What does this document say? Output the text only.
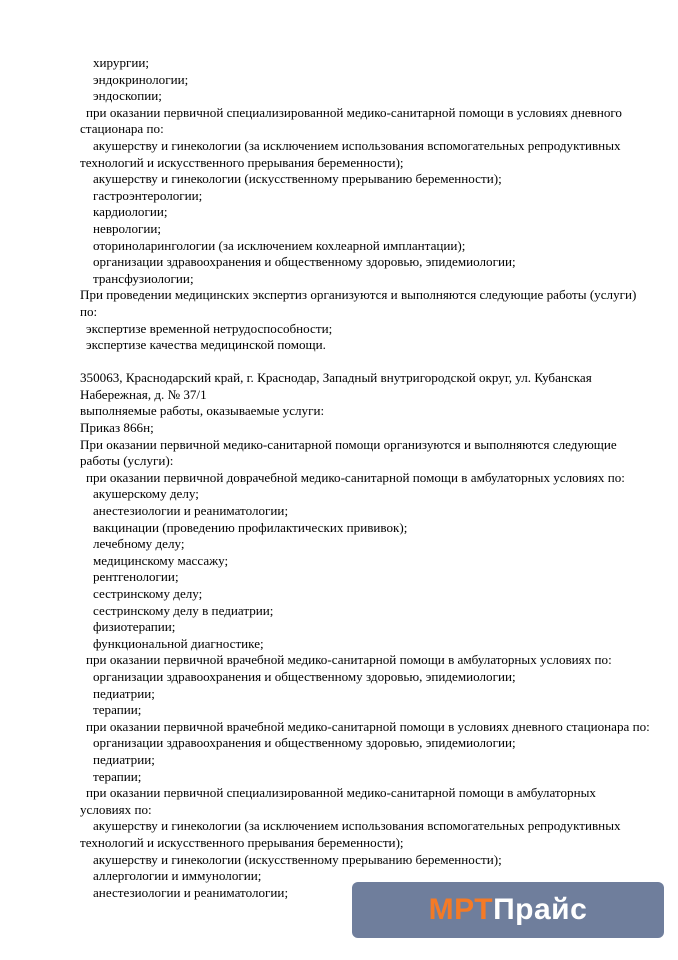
хирургии;

эндокринологии;

эндоскопии;

при оказании первичной специализированной медико-санитарной помощи в условиях дневного стационара по:

акушерству и гинекологии (за исключением использования вспомогательных репродуктивных технологий и искусственного прерывания беременности);

акушерству и гинекологии (искусственному прерыванию беременности);

гастроэнтерологии;

кардиологии;

неврологии;

оториноларингологии (за исключением кохлеарной имплантации);

организации здравоохранения и общественному здоровью, эпидемиологии;

трансфузиологии;

При проведении медицинских экспертиз организуются и выполняются следующие работы (услуги) по:

экспертизе временной нетрудоспособности;

экспертизе качества медицинской помощи.

350063, Краснодарский край, г. Краснодар, Западный внутригородской округ, ул. Кубанская Набережная, д. № 37/1

выполняемые работы, оказываемые услуги:

Приказ 866н;

При оказании первичной медико-санитарной помощи организуются и выполняются следующие работы (услуги):

при оказании первичной доврачебной медико-санитарной помощи в амбулаторных условиях по:

акушерскому делу;

анестезиологии и реаниматологии;

вакцинации (проведению профилактических прививок);

лечебному делу;

медицинскому массажу;

рентгенологии;

сестринскому делу;

сестринскому делу в педиатрии;

физиотерапии;

функциональной диагностике;

при оказании первичной врачебной медико-санитарной помощи в амбулаторных условиях по:

организации здравоохранения и общественному здоровью, эпидемиологии;

педиатрии;

терапии;

при оказании первичной врачебной медико-санитарной помощи в условиях дневного стационара по:

организации здравоохранения и общественному здоровью, эпидемиологии;

педиатрии;

терапии;

при оказании первичной специализированной медико-санитарной помощи в амбулаторных условиях по:

акушерству и гинекологии (за исключением использования вспомогательных репродуктивных технологий и искусственного прерывания беременности);

акушерству и гинекологии (искусственному прерыванию беременности);

аллергологии и иммунологии;

анестезиологии и реаниматологии;

МРТПрайс
